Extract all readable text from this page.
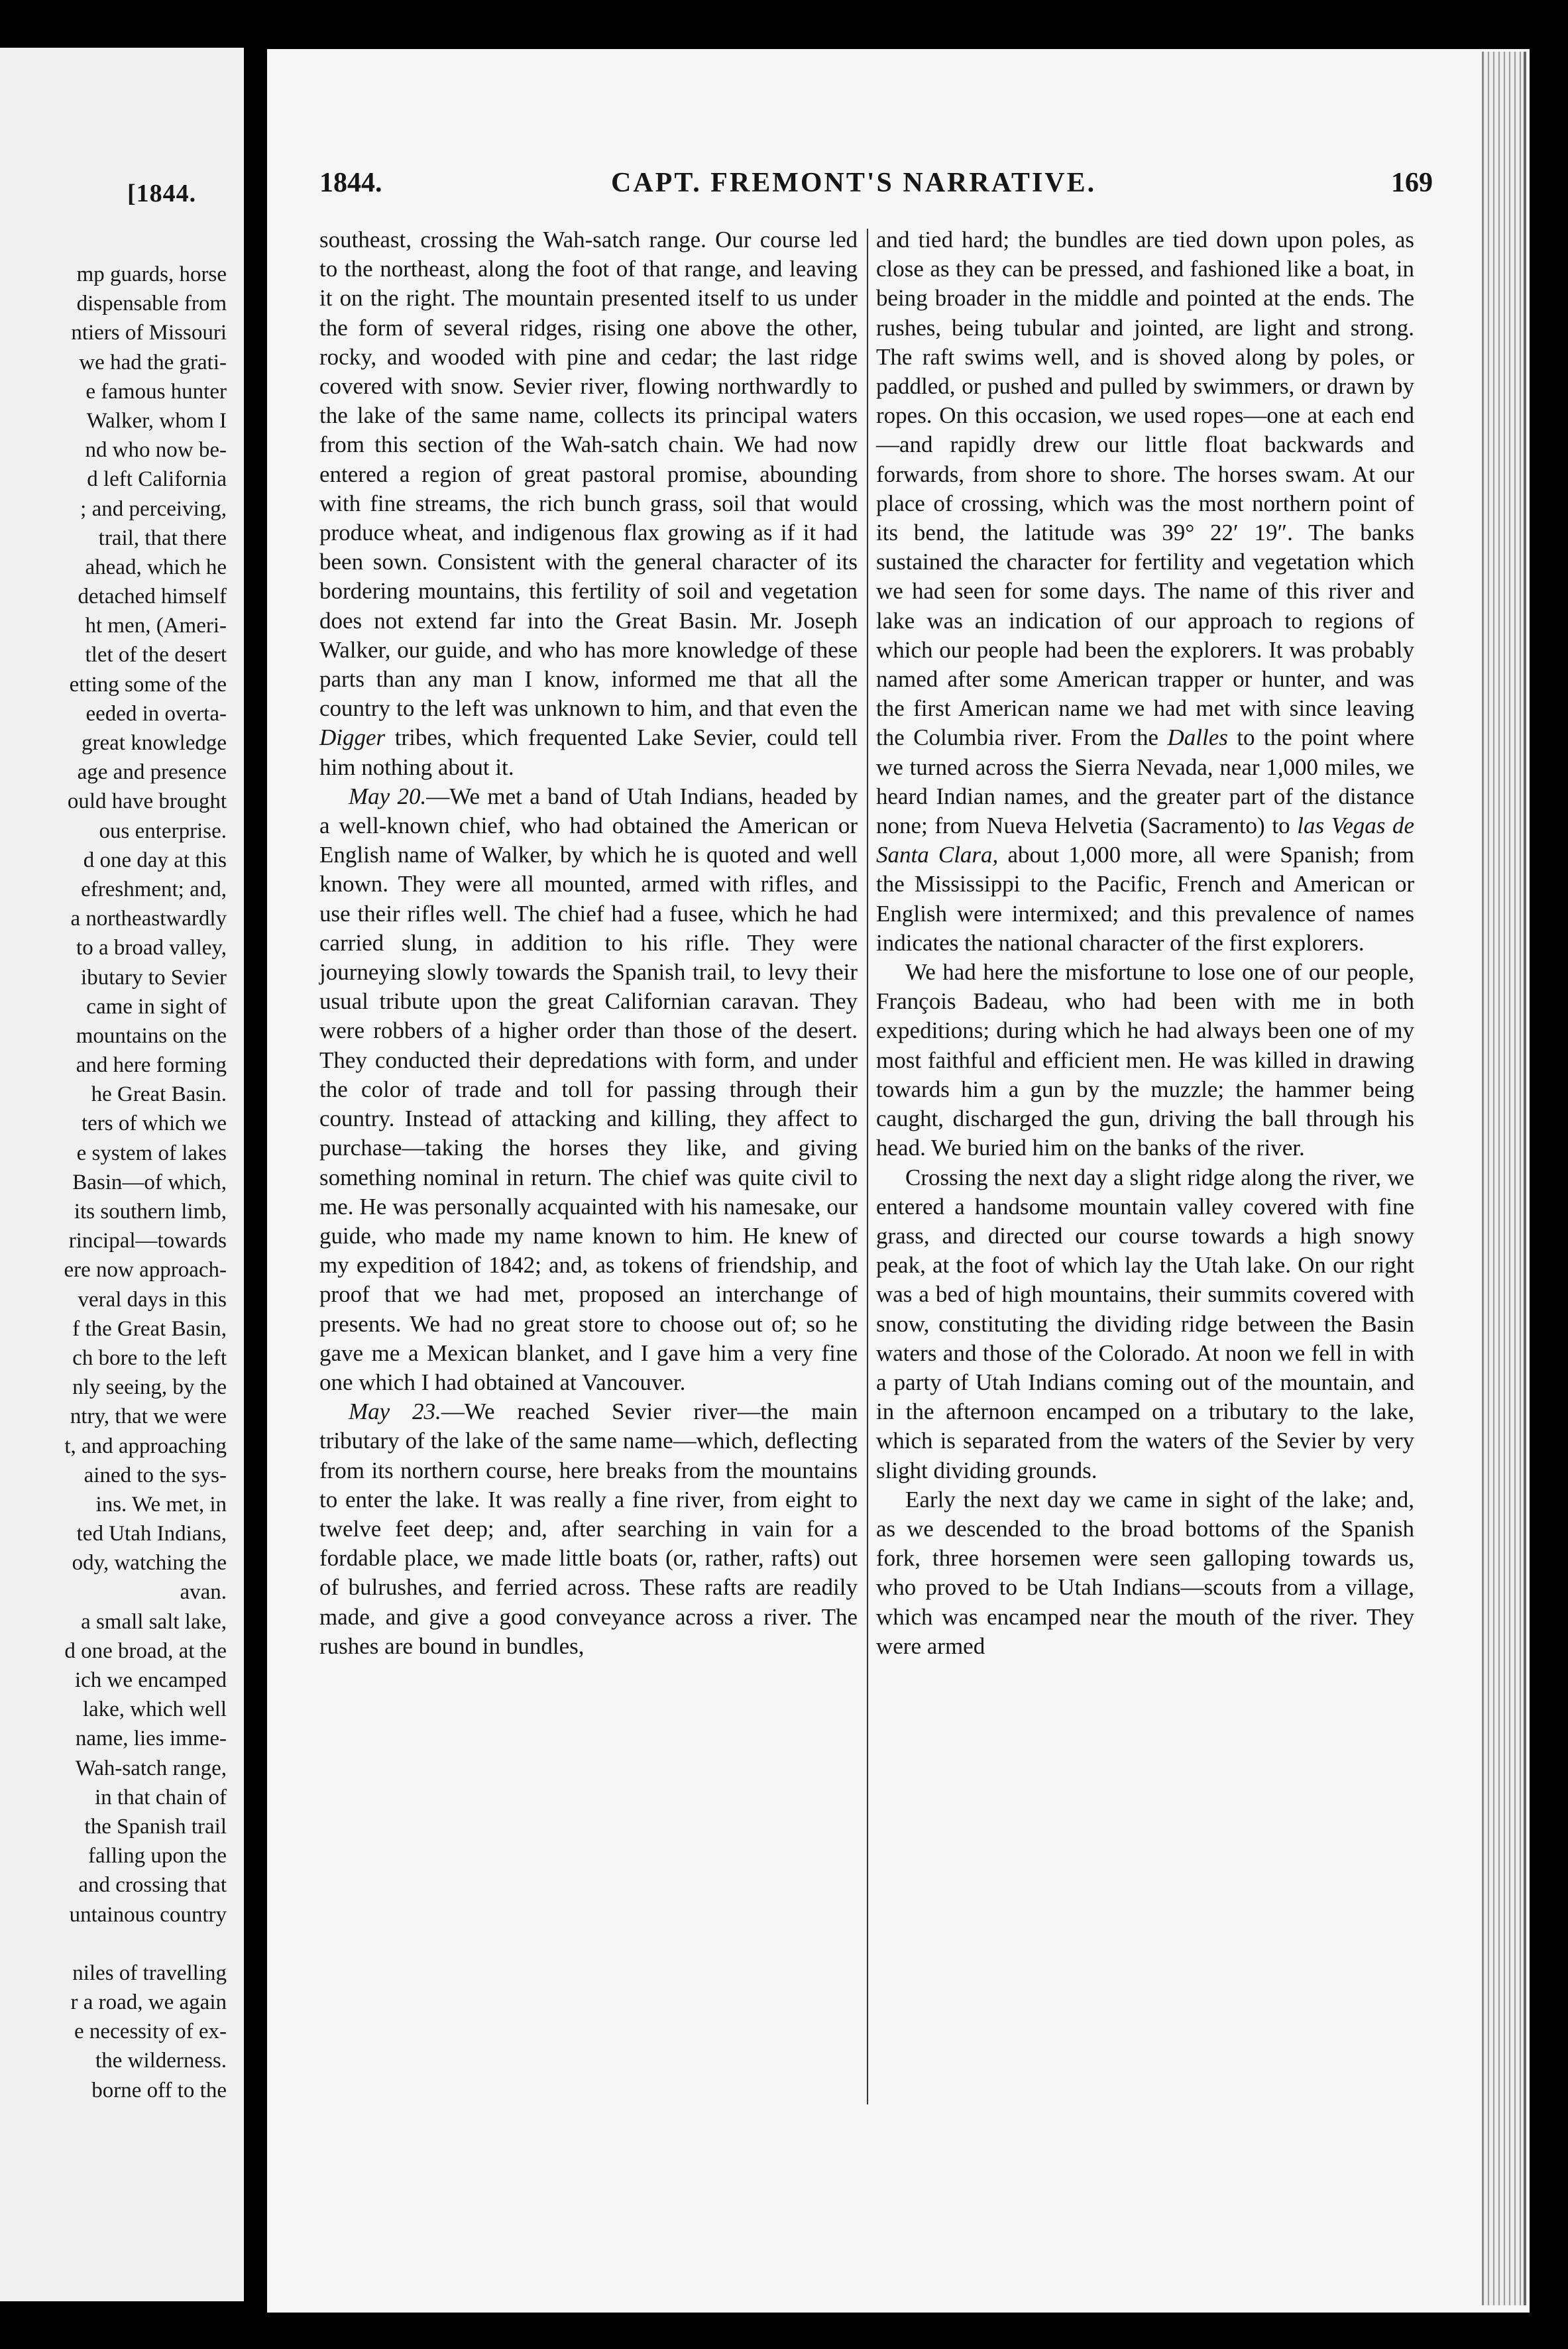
[1844.
mp guards, horse
dispensable from
ntiers of Missouri
we had the grati-
e famous hunter
Walker, whom I
nd who now be-
d left California
; and perceiving,
trail, that there
ahead, which he
detached himself
ht men, (Ameri-
tlet of the desert
etting some of the
eeded in overta-
great knowledge
age and presence
ould have brought
ous enterprise.
d one day at this
efreshment; and,
a northeastwardly
to a broad valley,
ibutary to Sevier
came in sight of
mountains on the
and here forming
he Great Basin.
ters of which we
e system of lakes
Basin—of which,
its southern limb,
rincipal—towards
ere now approach-
veral days in this
f the Great Basin,
ch bore to the left
nly seeing, by the
ntry, that we were
t, and approaching
ained to the sys-
ins. We met, in
ted Utah Indians,
ody, watching the
avan.
a small salt lake,
d one broad, at the
ich we encamped
lake, which well
name, lies imme-
Wah-satch range,
in that chain of
the Spanish trail
falling upon the
and crossing that
untainous country

niles of travelling
r a road, we again
e necessity of ex-
the wilderness.
borne off to the
1844.	CAPT. FREMONT'S NARRATIVE.	169

southeast, crossing the Wah-satch range. Our course led to the northeast, along the foot of that range, and leaving it on the right. The mountain presented itself to us under the form of several ridges, rising one above the other, rocky, and wooded with pine and cedar; the last ridge covered with snow. Sevier river, flowing northwardly to the lake of the same name, collects its principal waters from this section of the Wah-satch chain. We had now entered a region of great pastoral promise, abounding with fine streams, the rich bunch grass, soil that would produce wheat, and indigenous flax growing as if it had been sown. Consistent with the general character of its bordering mountains, this fertility of soil and vegetation does not extend far into the Great Basin. Mr. Joseph Walker, our guide, and who has more knowledge of these parts than any man I know, informed me that all the country to the left was unknown to him, and that even the Digger tribes, which frequented Lake Sevier, could tell him nothing about it.

May 20.—We met a band of Utah Indians, headed by a well-known chief, who had obtained the American or English name of Walker, by which he is quoted and well known. They were all mounted, armed with rifles, and use their rifles well. The chief had a fusee, which he had carried slung, in addition to his rifle. They were journeying slowly towards the Spanish trail, to levy their usual tribute upon the great Californian caravan. They were robbers of a higher order than those of the desert. They conducted their depredations with form, and under the color of trade and toll for passing through their country. Instead of attacking and killing, they affect to purchase—taking the horses they like, and giving something nominal in return. The chief was quite civil to me. He was personally acquainted with his namesake, our guide, who made my name known to him. He knew of my expedition of 1842; and, as tokens of friendship, and proof that we had met, proposed an interchange of presents. We had no great store to choose out of; so he gave me a Mexican blanket, and I gave him a very fine one which I had obtained at Vancouver.

May 23.—We reached Sevier river—the main tributary of the lake of the same name—which, deflecting from its northern course, here breaks from the mountains to enter the lake. It was really a fine river, from eight to twelve feet deep; and, after searching in vain for a fordable place, we made little boats (or, rather, rafts) out of bulrushes, and ferried across. These rafts are readily made, and give a good conveyance across a river. The rushes are bound in bundles,

and tied hard; the bundles are tied down upon poles, as close as they can be pressed, and fashioned like a boat, in being broader in the middle and pointed at the ends. The rushes, being tubular and jointed, are light and strong. The raft swims well, and is shoved along by poles, or paddled, or pushed and pulled by swimmers, or drawn by ropes. On this occasion, we used ropes—one at each end—and rapidly drew our little float backwards and forwards, from shore to shore. The horses swam. At our place of crossing, which was the most northern point of its bend, the latitude was 39° 22′ 19″. The banks sustained the character for fertility and vegetation which we had seen for some days. The name of this river and lake was an indication of our approach to regions of which our people had been the explorers. It was probably named after some American trapper or hunter, and was the first American name we had met with since leaving the Columbia river. From the Dalles to the point where we turned across the Sierra Nevada, near 1,000 miles, we heard Indian names, and the greater part of the distance none; from Nueva Helvetia (Sacramento) to las Vegas de Santa Clara, about 1,000 more, all were Spanish; from the Mississippi to the Pacific, French and American or English were intermixed; and this prevalence of names indicates the national character of the first explorers.

We had here the misfortune to lose one of our people, François Badeau, who had been with me in both expeditions; during which he had always been one of my most faithful and efficient men. He was killed in drawing towards him a gun by the muzzle; the hammer being caught, discharged the gun, driving the ball through his head. We buried him on the banks of the river.

Crossing the next day a slight ridge along the river, we entered a handsome mountain valley covered with fine grass, and directed our course towards a high snowy peak, at the foot of which lay the Utah lake. On our right was a bed of high mountains, their summits covered with snow, constituting the dividing ridge between the Basin waters and those of the Colorado. At noon we fell in with a party of Utah Indians coming out of the mountain, and in the afternoon encamped on a tributary to the lake, which is separated from the waters of the Sevier by very slight dividing grounds.

Early the next day we came in sight of the lake; and, as we descended to the broad bottoms of the Spanish fork, three horsemen were seen galloping towards us, who proved to be Utah Indians—scouts from a village, which was encamped near the mouth of the river. They were armed
